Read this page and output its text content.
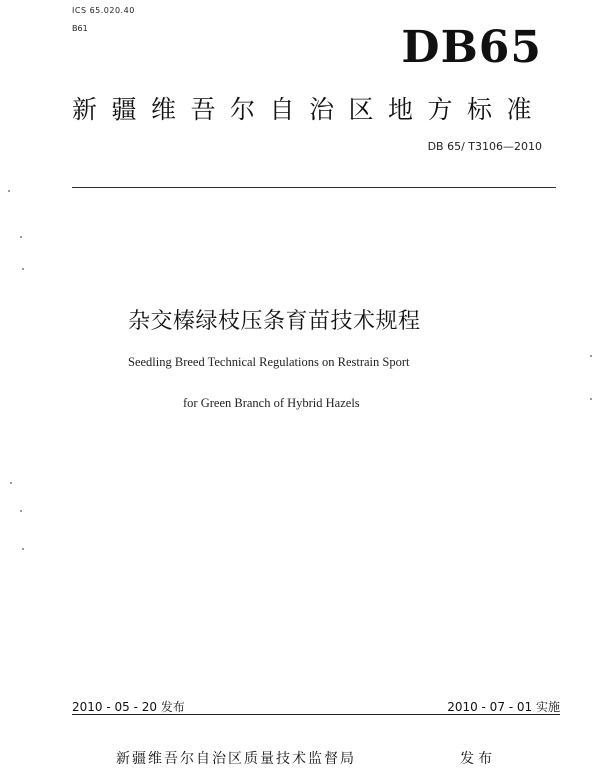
ICS 65.020.40
B61	DB65
新疆维吾尔自治区地方标准
DB 65/ T3106—2010
杂交榛绿枝压条育苗技术规程
Seedling Breed Technical Regulations on Restrain Sport
for Green Branch of Hybrid Hazels
2010 - 05 - 20 发布	2010 - 07 - 01 实施
新疆维吾尔自治区质量技术监督局	发布
